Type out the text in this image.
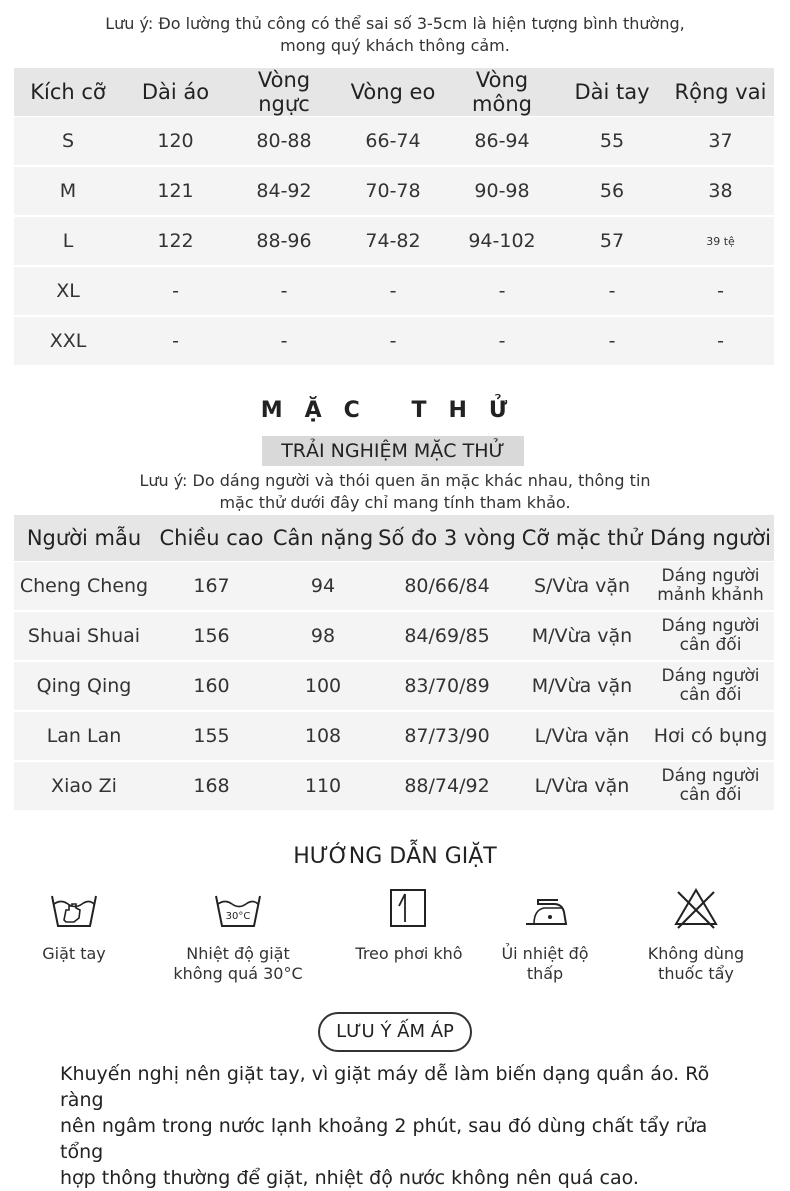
Lưu ý: Đo lường thủ công có thể sai số 3-5cm là hiện tượng bình thường,
mong quý khách thông cảm.
Kích cỡ	Dài áo	Vòng ngực	Vòng eo	Vòng mông	Dài tay	Rộng vai
S	120	80-88	66-74	86-94	55	37
M	121	84-92	70-78	90-98	56	38
L	122	88-96	74-82	94-102	57	39 tệ
XL	-	-	-	-	-	-
XXL	-	-	-	-	-	-
MẶC THỬ
TRẢI NGHIỆM MẶC THỬ
Lưu ý: Do dáng người và thói quen ăn mặc khác nhau, thông tin
mặc thử dưới đây chỉ mang tính tham khảo.
Người mẫu	Chiều cao	Cân nặng	Số đo 3 vòng	Cỡ mặc thử	Dáng người
Cheng Cheng	167	94	80/66/84	S/Vừa vặn	Dáng người
mảnh khảnh

Shuai Shuai	156	98	84/69/85	M/Vừa vặn	Dáng người
cân đối

Qing Qing	160	100	83/70/89	M/Vừa vặn	Dáng người
cân đối

Lan Lan	155	108	87/73/90	L/Vừa vặn	Hơi có bụng
Xiao Zi	168	110	88/74/92	L/Vừa vặn	Dáng người
cân đối
HƯỚNG DẪN GIẶT
Giặt tay
30°C
Nhiệt độ giặt
không quá 30°C
Treo phơi khô	Ủi nhiệt độ
thấp
Không dùng
thuốc tẩy
LƯU Ý ẤM ÁP
Khuyến nghị nên giặt tay, vì giặt máy dễ làm biến dạng quần áo. Rõ ràng
nên ngâm trong nước lạnh khoảng 2 phút, sau đó dùng chất tẩy rửa tổng
hợp thông thường để giặt, nhiệt độ nước không nên quá cao.
